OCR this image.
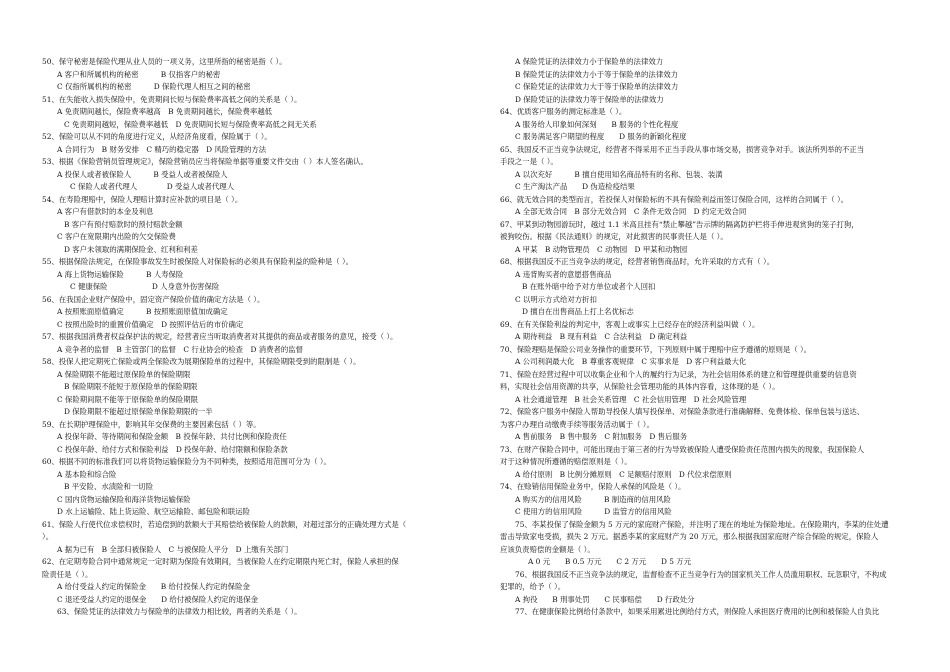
50、保守秘密是保险代理从业人员的一项义务，这里所指的秘密是指（ ）。
A 客户和所属机构的秘密　　　B 仅指客户的秘密
C 仅指所属机构的秘密　　　D 保险代理人相互之间的秘密
51、在失能收入损失保险中，免责期间长短与保险费率高低之间的关系是（ ）。
A 免责期间越长，保险费率越高　B 免责期间越长，保险费率越低
C 免责期间越短，保险费率越低　D 免责期间长短与保险费率高低之间无关系
52、保险可以从不同的角度进行定义，从经济角度看，保险属于（ ）。
A 合同行为　B 财务安排　C 精巧的稳定器　D 风险管理的方法
53、根据《保险营销员管理规定》，保险营销员应当将保险单据等重要文件交由（ ）本人签名确认。
A 投保人或者被保险人　　　B 受益人或者被保险人
C 保险人或者代理人　　　　D 受益人或者代理人
54、在寿险理赔中，保险人理赔计算时应补款的项目是（ ）。
A 客户有借款时的本金及利息
B 客户有预付赔款时的预付赔款金额
C 客户在宽限期内出险的欠交保险费
D 客户未领取的满期保险金、红利和利差
55、根据保险法规定，在保险事故发生时被保险人对保险标的必须具有保险利益的险种是（ ）。
A 海上货物运输保险　　　B 人寿保险
C 健康保险　　　　　　D 人身意外伤害保险
56、在我国企业财产保险中，固定资产保险价值的确定方法是（ ）。
A 按照账面原值确定　　　B 按照账面原值加成确定
C 按照出险时的重置价值确定　D 按照评估后的市价确定
57、根据我国消费者权益保护法的规定，经营者应当听取消费者对其提供的商品或者服务的意见，接受（ ）。
A 竞争者的监督　B 主管部门的监督　C 行业协会的检查　D 消费者的监督
58、投保人把定期死亡保险或两全保险改为展期保险单的过程中，其保险期限受到的限制是（ ）。
A 保险期限不能超过原保险单的保险期限
B 保险期限不能短于原保险单的保险期限
C 保险期间限不能等于原保险单的保险期限
D 保险期限不能超过原保险单保险期限的一半
59、在长期护理保险中，影响其年交保费的主要因素包括（ ）等。
A 投保年龄、等待期间和保险金额　B 投保年龄、共付比例和保险责任
C 投保年龄、给付方式和保险利益　D 投保年龄、给付限额和保险条款
60、根据不同的标准我们可以将货物运输保险分为不同种类，按照适用范围可分为（ ）。
A 基本险和综合险
B 平安险、水渍险和一切险
C 国内货物运输保险和海洋货物运输保险
D 水上运输险、陆上货运险、航空运输险、邮包险和联运险
61、保险人行使代位求偿权时，若追偿到的款额大于其赔偿给被保险人的款额，对超过部分的正确处理方式是（
）。
A 据为已有　B 全部归被保险人　C 与被保险人平分　D 上缴有关部门
62、在定期寿险合同中通常规定一定时期为保险有效期间，当被保险人在约定期限内死亡时，保险人承担的保
险责任是（ ）。
A 给付受益人约定的保险金　　B 给付投保人约定的保险金
C 退还受益人约定的退保金　　D 给付被保险人约定的退保金
63、保险凭证的法律效力与保险单的法律效力相比较，两者的关系是（ ）。
A 保险凭证的法律效力小于保险单的法律效力
B 保险凭证的法律效力小于等于保险单的法律效力
C 保险凭证的法律效力大于等于保险单的法律效力
D 保险凭证的法律效力等于保险单的法律效力
64、优质客户服务的测定标准是（ ）。
A 服务给人印象如何深刻　　B 服务的个性化程度
C 服务满足客户期望的程度　　D 服务的新颖化程度
65、我国反不正当竞争法规定，经营者不得采用不正当手段从事市场交易，损害竞争对手。该法所列举的不正当
手段之一是（ ）。
A 以次充好　　　B 擅自使用知名商品特有的名称、包装、装潢
C 生产淘汰产品　　D 伪造检疫结果
66、就无效合同的类型而言，若投保人对保险标的不具有保险利益而签订保险合同，这样的合同属于（ ）。
A 全部无效合同　B 部分无效合同　C 条件无效合同　D 约定无效合同
67、甲某到动物园游玩时，越过 1.1 米高且挂有“禁止攀越”告示牌的隔离防护栏将手伸进观赏狗的笼子打狗，
被狗咬伤。根据《民法通则》的规定，对此损害的民事责任人是（ ）。
A 甲某　B 动物管理员　C 动物园　D 甲某和动物园
68、根据我国反不正当竞争法的规定，经营者销售商品时，允许采取的方式有（ ）。
A 违背购买者的意愿搭售商品
B 在账外暗中给予对方单位或者个人回扣
C 以明示方式给对方折扣
D 擅自在出售商品上打上名优标志
69、在有关保险利益的判定中，客观上或事实上已经存在的经济利益叫做（ ）。
A 期待利益　B 现有利益　C 合法利益　D 确定利益
70、保险理赔是保险公司业务操作的重要环节，下列原则中属于理赔中应予遵循的原则是（ ）。
A 公司利润最大化　B 尊重客观规律　C 实事求是　D 客户利益最大化
71、保险在经营过程中可以收集企业和个人的履约行为记录，为社会信用体系的建立和管理提供重要的信息资
料，实现社会信用资源的共享，从保险社会管理功能的具体内容看，这体现的是（ ）。
A 社会通道管理　B 社会关系管理　C 社会信用管理　D 社会风险管理
72、保险客户服务中保险人帮助导投保人填写投保单、对保险条款进行准确解释、免费体检、保单包装与送达、
为客户办理自动缴费手续等服务活动属于（ ）。
A 售前服务　B 售中服务　C 附加服务　D 售后服务
73、在财产保险合同中，可能出现由于第三者的行为导致被保险人遭受保险责任范围内损失的现象，我国保险人
对于这种情况所遵循的赔偿原则是（ ）。
A 给付原则　B 比例分摊原则　C 足额赔付原则　D 代位求偿原则
74、在赊销信用保险业务中，保险人承保的风险是（ ）。
A 购买方的信用风险　　　B 制造商的信用风险
C 使用方的信用风险　　　D 监管方的信用风险
75、李某投保了保险金额为 5 万元的家庭财产保险，并注明了现在的地址为保险地址。在保险期内，李某的住处遭
雷击导致家电受损，损失 2 万元。据悉李某的家庭财产为 20 万元，那么根据我国家庭财产综合保险的规定，保险人
应该负责赔偿的金额是（ ）。
A 0 元　　B 0.5 万元　　C 2 万元　　D 5 万元
76、根据我国反不正当竞争法的规定，监督检查不正当竞争行为的国家机关工作人员滥用职权、玩忽职守，不构成
犯罪的，给予（ ）。
A 拘役　　B 刑事处罚　　C 民事赔偿　　D 行政处分
77、在健康保险比例给付条款中，如果采用累进比例给付方式，则保险人承担医疗费用的比例和被保险人自负比
